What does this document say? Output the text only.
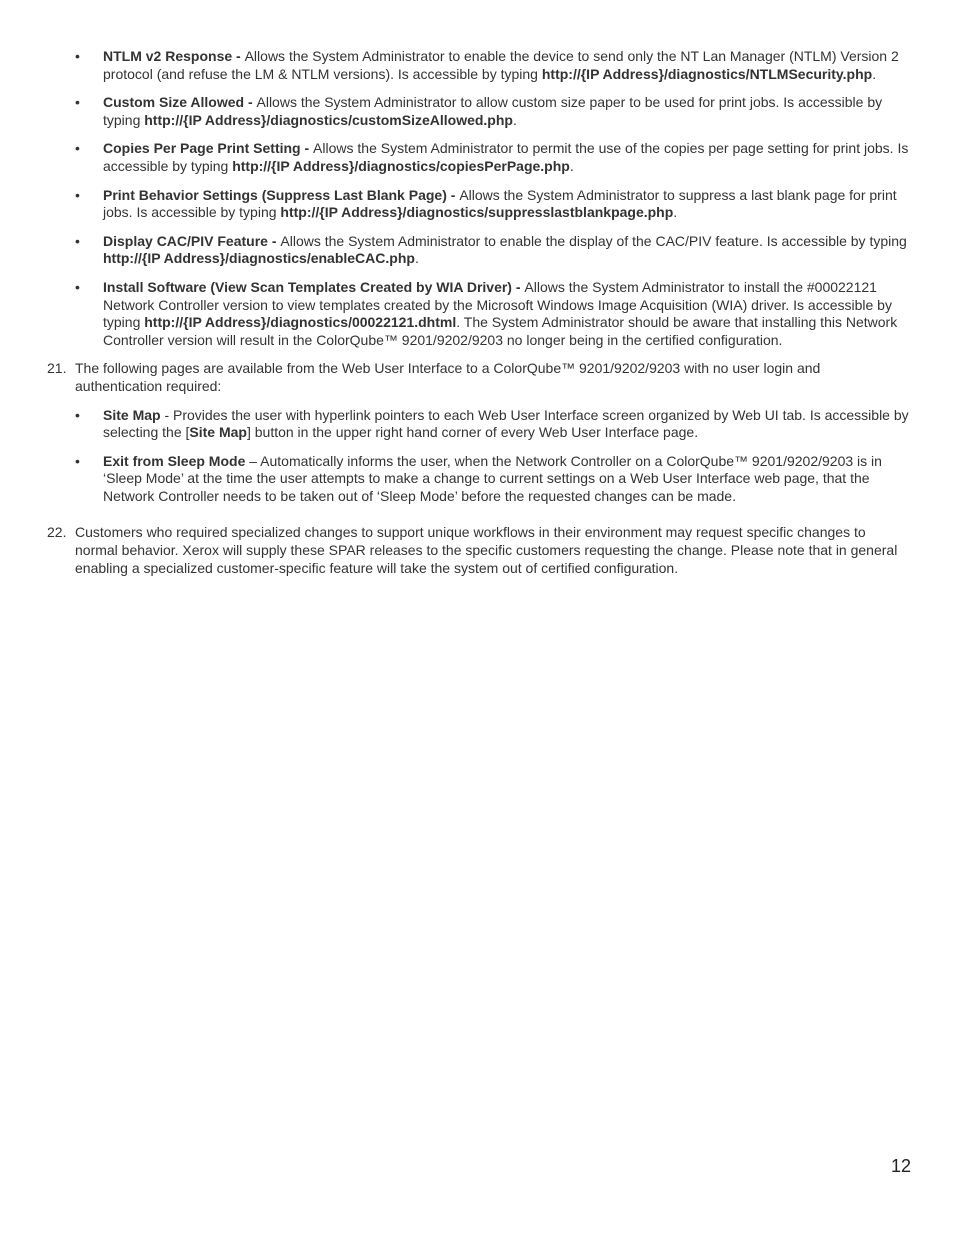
• NTLM v2 Response - Allows the System Administrator to enable the device to send only the NT Lan Manager (NTLM) Version 2 protocol (and refuse the LM & NTLM versions). Is accessible by typing http://{IP Address}/diagnostics/NTLMSecurity.php.
• Custom Size Allowed - Allows the System Administrator to allow custom size paper to be used for print jobs. Is accessible by typing http://{IP Address}/diagnostics/customSizeAllowed.php.
• Copies Per Page Print Setting - Allows the System Administrator to permit the use of the copies per page setting for print jobs. Is accessible by typing http://{IP Address}/diagnostics/copiesPerPage.php.
• Print Behavior Settings (Suppress Last Blank Page) - Allows the System Administrator to suppress a last blank page for print jobs. Is accessible by typing http://{IP Address}/diagnostics/suppresslastblankpage.php.
• Display CAC/PIV Feature - Allows the System Administrator to enable the display of the CAC/PIV feature. Is accessible by typing http://{IP Address}/diagnostics/enableCAC.php.
• Install Software (View Scan Templates Created by WIA Driver) - Allows the System Administrator to install the #00022121 Network Controller version to view templates created by the Microsoft Windows Image Acquisition (WIA) driver. Is accessible by typing http://{IP Address}/diagnostics/00022121.dhtml. The System Administrator should be aware that installing this Network Controller version will result in the ColorQube™ 9201/9202/9203 no longer being in the certified configuration.
21. The following pages are available from the Web User Interface to a ColorQube™ 9201/9202/9203 with no user login and authentication required:
• Site Map - Provides the user with hyperlink pointers to each Web User Interface screen organized by Web UI tab. Is accessible by selecting the [Site Map] button in the upper right hand corner of every Web User Interface page.
• Exit from Sleep Mode – Automatically informs the user, when the Network Controller on a ColorQube™ 9201/9202/9203 is in ‘Sleep Mode’ at the time the user attempts to make a change to current settings on a Web User Interface web page, that the Network Controller needs to be taken out of ‘Sleep Mode’ before the requested changes can be made.
22. Customers who required specialized changes to support unique workflows in their environment may request specific changes to normal behavior. Xerox will supply these SPAR releases to the specific customers requesting the change. Please note that in general enabling a specialized customer-specific feature will take the system out of certified configuration.
12
